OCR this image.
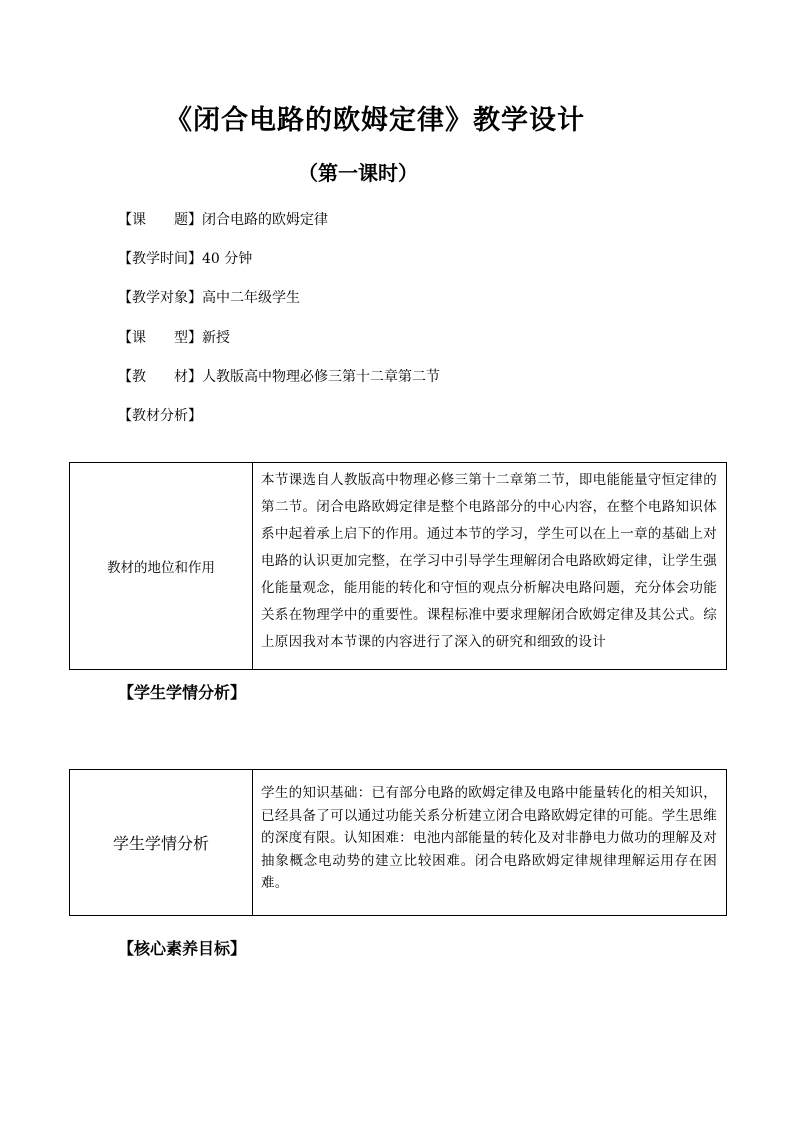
《闭合电路的欧姆定律》教学设计
（第一课时）
【课　　题】闭合电路的欧姆定律
【教学时间】40 分钟
【教学对象】高中二年级学生
【课　　型】新授
【教　　材】人教版高中物理必修三第十二章第二节
【教材分析】
教材的地位和作用
本节课选自人教版高中物理必修三第十二章第二节，即电能能量守恒定律的第二节。闭合电路欧姆定律是整个电路部分的中心内容，在整个电路知识体系中起着承上启下的作用。通过本节的学习，学生可以在上一章的基础上对电路的认识更加完整，在学习中引导学生理解闭合电路欧姆定律，让学生强化能量观念，能用能的转化和守恒的观点分析解决电路问题，充分体会功能关系在物理学中的重要性。课程标准中要求理解闭合欧姆定律及其公式。综上原因我对本节课的内容进行了深入的研究和细致的设计
【学生学情分析】
学生学情分析
学生的知识基础：已有部分电路的欧姆定律及电路中能量转化的相关知识，已经具备了可以通过功能关系分析建立闭合电路欧姆定律的可能。学生思维的深度有限。认知困难：电池内部能量的转化及对非静电力做功的理解及对抽象概念电动势的建立比较困难。闭合电路欧姆定律规律理解运用存在困难。
【核心素养目标】
